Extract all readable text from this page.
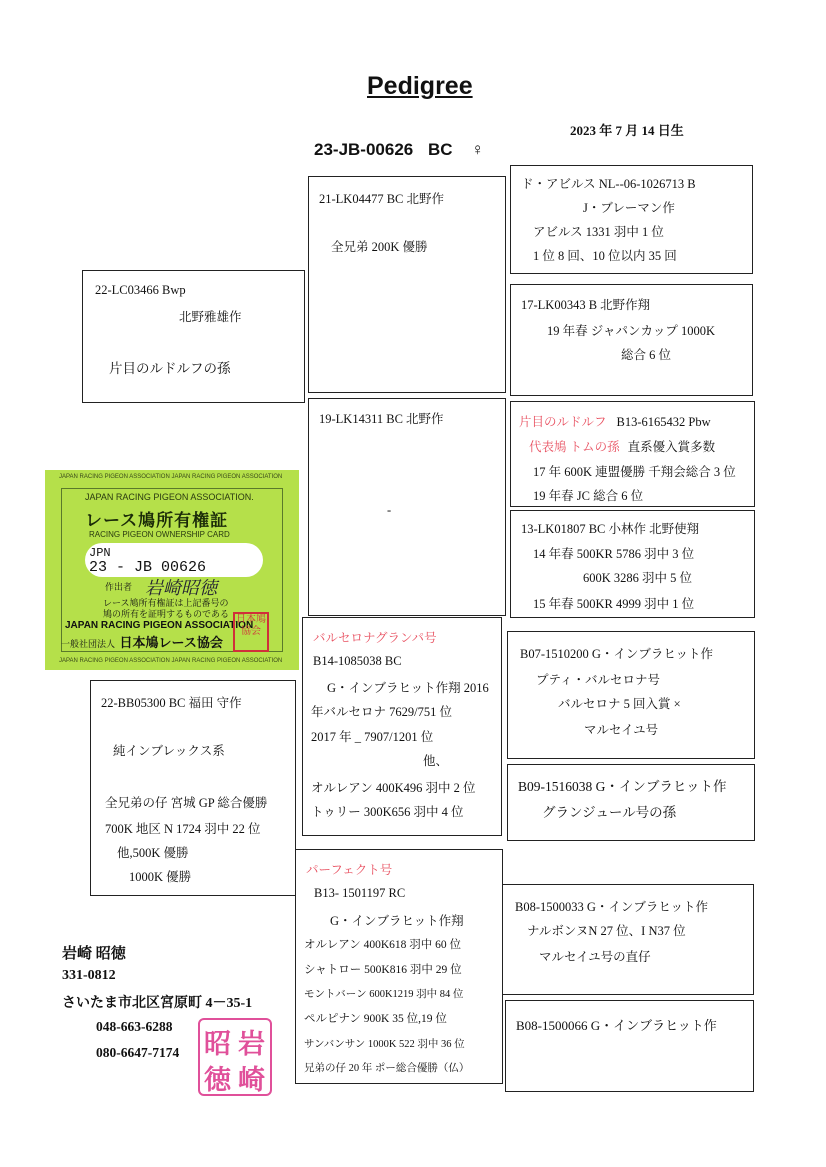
Pedigree
2023 年 7 月 14 日生
23-JB-00626 BC ♀
22-LC03466 Bwp
北野雅雄作
片目のルドルフの孫
21-LK04477 BC 北野作
全兄弟 200K 優勝
ド・アビルス NL--06-1026713 B
J・ブレーマン作
アビルス 1331 羽中 1 位
1 位 8 回、10 位以内 35 回
17-LK00343 B 北野作翔
19 年春 ジャパンカップ 1000K
総合 6 位
19-LK14311 BC 北野作
-
片目のルドルフ B13-6165432 Pbw
代表鳩 トムの孫 直系優入賞多数
17 年 600K 連盟優勝 千翔会総合 3 位
19 年春 JC 総合 6 位
13-LK01807 BC 小林作 北野使翔
14 年春 500KR 5786 羽中 3 位
600K 3286 羽中 5 位
15 年春 500KR 4999 羽中 1 位
JAPAN RACING PIGEON ASSOCIATION JAPAN RACING PIGEON ASSOCIATION
JAPAN RACING PIGEON ASSOCIATION JAPAN RACING PIGEON ASSOCIATION
JAPAN RACING PIGEON ASSOCIATION.
レース鳩所有権証
RACING PIGEON OWNERSHIP CARD
JPN
23 - JB 00626
作出者 岩崎昭徳
レース鳩所有権証は上記番号の
鳩の所有を証明するものである
JAPAN RACING PIGEON ASSOCIATION
一般社団法人 日本鳩レース協会
日本鳩協会
22-BB05300 BC 福田 守作
純インブレックス系
全兄弟の仔 宮城 GP 総合優勝
700K 地区 N 1724 羽中 22 位
他,500K 優勝
1000K 優勝
バルセロナグランパ号
B14-1085038 BC
G・インブラヒット作翔 2016
年バルセロナ 7629/751 位
2017 年 _ 7907/1201 位
他、
オルレアン 400K496 羽中 2 位
トゥリー 300K656 羽中 4 位
B07-1510200 G・インブラヒット作
プティ・バルセロナ号
バルセロナ 5 回入賞 ×
マルセイユ号
B09-1516038 G・インブラヒット作
グランジュール号の孫
パーフェクト号
B13- 1501197 RC
G・インブラヒット作翔
オルレアン 400K618 羽中 60 位
シャトロー 500K816 羽中 29 位
モントバーン 600K1219 羽中 84 位
ペルピナン 900K 35 位,19 位
サンバンサン 1000K 522 羽中 36 位
兄弟の仔 20 年 ポー総合優勝（仏）
B08-1500033 G・インブラヒット作
ナルボンヌN 27 位、I N37 位
マルセイユ号の直仔
B08-1500066 G・インブラヒット作
岩崎 昭徳
331-0812
さいたま市北区宮原町 4－35-1
048-663-6288
080-6647-7174 岩
崎
昭
徳
